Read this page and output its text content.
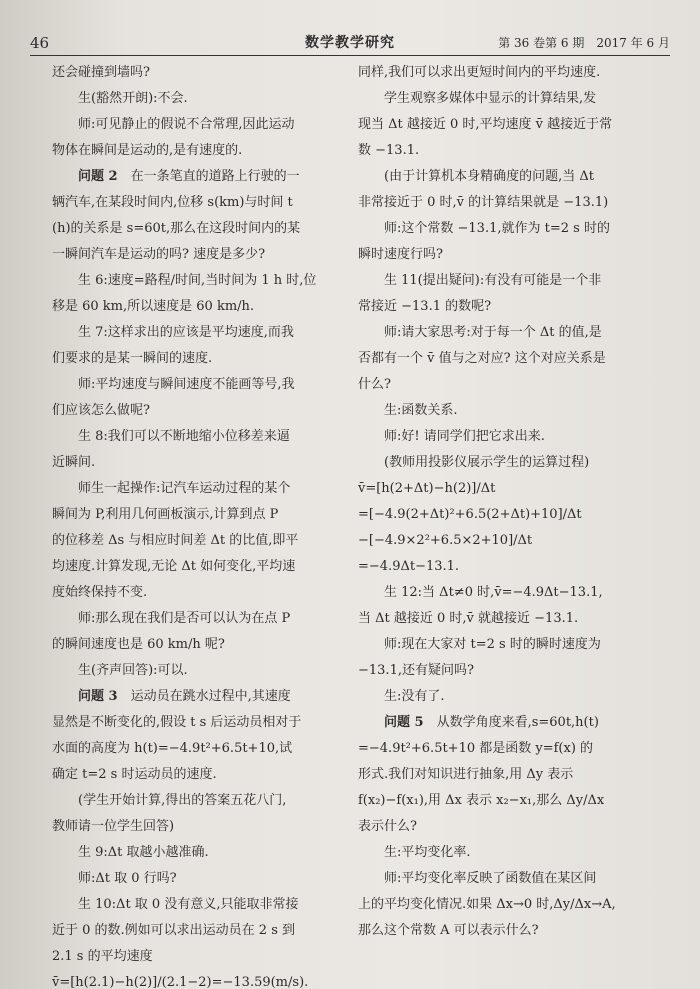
46	数学教学研究	第 36 卷第 6 期　2017 年 6 月

还会碰撞到墙吗?

生(豁然开朗):不会.

师:可见静止的假说不合常理,因此运动

物体在瞬间是运动的,是有速度的.

问题 2　在一条笔直的道路上行驶的一

辆汽车,在某段时间内,位移 s(km)与时间 t

(h)的关系是 s=60t,那么在这段时间内的某

一瞬间汽车是运动的吗? 速度是多少?

生 6:速度=路程/时间,当时间为 1 h 时,位

移是 60 km,所以速度是 60 km/h.

生 7:这样求出的应该是平均速度,而我

们要求的是某一瞬间的速度.

师:平均速度与瞬间速度不能画等号,我

们应该怎么做呢?

生 8:我们可以不断地缩小位移差来逼

近瞬间.

师生一起操作:记汽车运动过程的某个

瞬间为 P,利用几何画板演示,计算到点 P

的位移差 Δs 与相应时间差 Δt 的比值,即平

均速度.计算发现,无论 Δt 如何变化,平均速

度始终保持不变.

师:那么现在我们是否可以认为在点 P

的瞬间速度也是 60 km/h 呢?

生(齐声回答):可以.

问题 3　运动员在跳水过程中,其速度

显然是不断变化的,假设 t s 后运动员相对于

水面的高度为 h(t)=−4.9t²+6.5t+10,试

确定 t=2 s 时运动员的速度.

(学生开始计算,得出的答案五花八门,

教师请一位学生回答)

生 9:Δt 取越小越准确.

师:Δt 取 0 行吗?

生 10:Δt 取 0 没有意义,只能取非常接

近于 0 的数.例如可以求出运动员在 2 s 到

2.1 s 的平均速度

v̄=[h(2.1)−h(2)]/(2.1−2)=−13.59(m/s).

同样,我们可以求出更短时间内的平均速度.

学生观察多媒体中显示的计算结果,发

现当 Δt 越接近 0 时,平均速度 v̄ 越接近于常

数 −13.1.

(由于计算机本身精确度的问题,当 Δt

非常接近于 0 时,v̄ 的计算结果就是 −13.1)

师:这个常数 −13.1,就作为 t=2 s 时的

瞬时速度行吗?

生 11(提出疑问):有没有可能是一个非

常接近 −13.1 的数呢?

师:请大家思考:对于每一个 Δt 的值,是

否都有一个 v̄ 值与之对应? 这个对应关系是

什么?

生:函数关系.

师:好! 请同学们把它求出来.

(教师用投影仪展示学生的运算过程)

v̄=[h(2+Δt)−h(2)]/Δt

=[−4.9(2+Δt)²+6.5(2+Δt)+10]/Δt

−[−4.9×2²+6.5×2+10]/Δt

=−4.9Δt−13.1.

生 12:当 Δt≠0 时,v̄=−4.9Δt−13.1,

当 Δt 越接近 0 时,v̄ 就越接近 −13.1.

师:现在大家对 t=2 s 时的瞬时速度为

−13.1,还有疑问吗?

生:没有了.

问题 5　从数学角度来看,s=60t,h(t)

=−4.9t²+6.5t+10 都是函数 y=f(x) 的

形式.我们对知识进行抽象,用 Δy 表示

f(x₂)−f(x₁),用 Δx 表示 x₂−x₁,那么 Δy/Δx

表示什么?

生:平均变化率.

师:平均变化率反映了函数值在某区间

上的平均变化情况.如果 Δx→0 时,Δy/Δx→A,

那么这个常数 A 可以表示什么?
